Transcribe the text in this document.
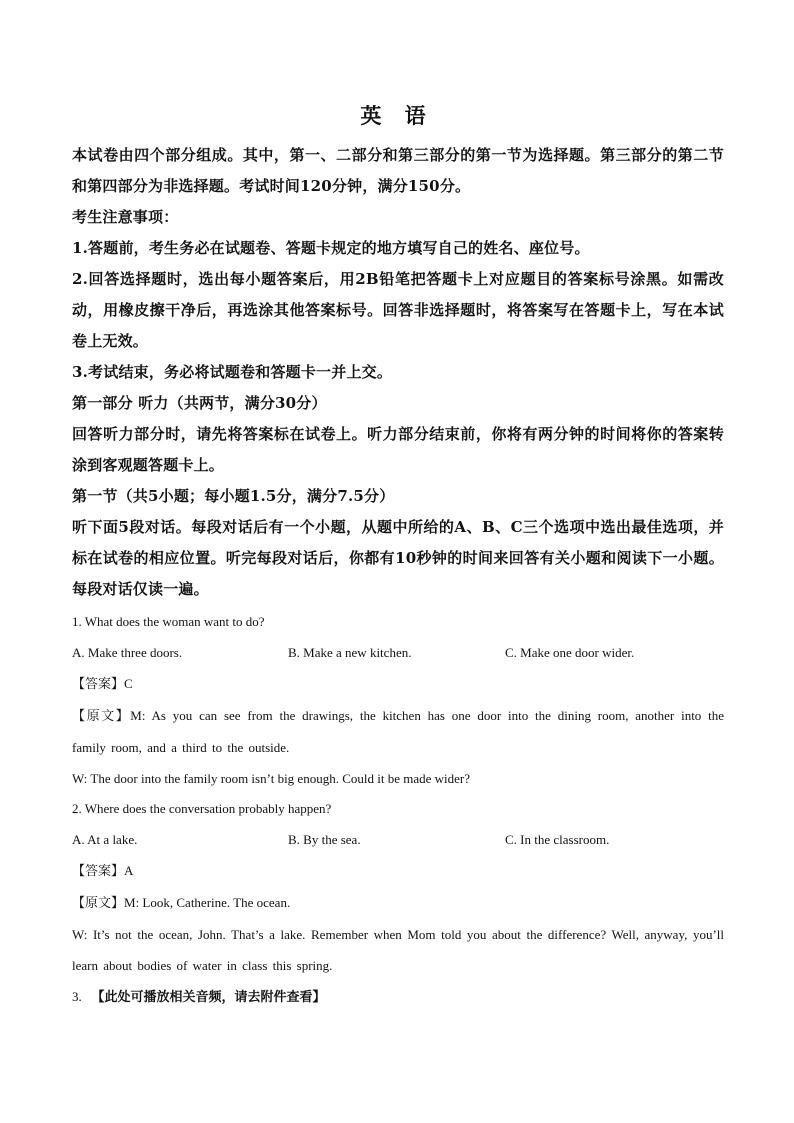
英 语

本试卷由四个部分组成。其中，第一、二部分和第三部分的第一节为选择题。第三部分的第二节和第四部分为非选择题。考试时间120分钟，满分150分。

考生注意事项：

1.答题前，考生务必在试题卷、答题卡规定的地方填写自己的姓名、座位号。

2.回答选择题时，选出每小题答案后，用2B铅笔把答题卡上对应题目的答案标号涂黑。如需改动，用橡皮擦干净后，再选涂其他答案标号。回答非选择题时，将答案写在答题卡上，写在本试卷上无效。

3.考试结束，务必将试题卷和答题卡一并上交。

第一部分 听力（共两节，满分30分）

回答听力部分时，请先将答案标在试卷上。听力部分结束前，你将有两分钟的时间将你的答案转涂到客观题答题卡上。

第一节（共5小题；每小题1.5分，满分7.5分）

听下面5段对话。每段对话后有一个小题，从题中所给的A、B、C三个选项中选出最佳选项，并标在试卷的相应位置。听完每段对话后，你都有10秒钟的时间来回答有关小题和阅读下一小题。每段对话仅读一遍。

1. What does the woman want to do?

A. Make three doors.	B. Make a new kitchen.	C. Make one door wider.

【答案】C

【原文】M: As you can see from the drawings, the kitchen has one door into the dining room, another into the family room, and a third to the outside.

W: The door into the family room isn’t big enough. Could it be made wider?

2. Where does the conversation probably happen?

A. At a lake.	B. By the sea.	C. In the classroom.

【答案】A

【原文】M: Look, Catherine. The ocean.

W: It’s not the ocean, John. That’s a lake. Remember when Mom told you about the difference? Well, anyway, you’ll learn about bodies of water in class this spring.

3. 【此处可播放相关音频，请去附件查看】
